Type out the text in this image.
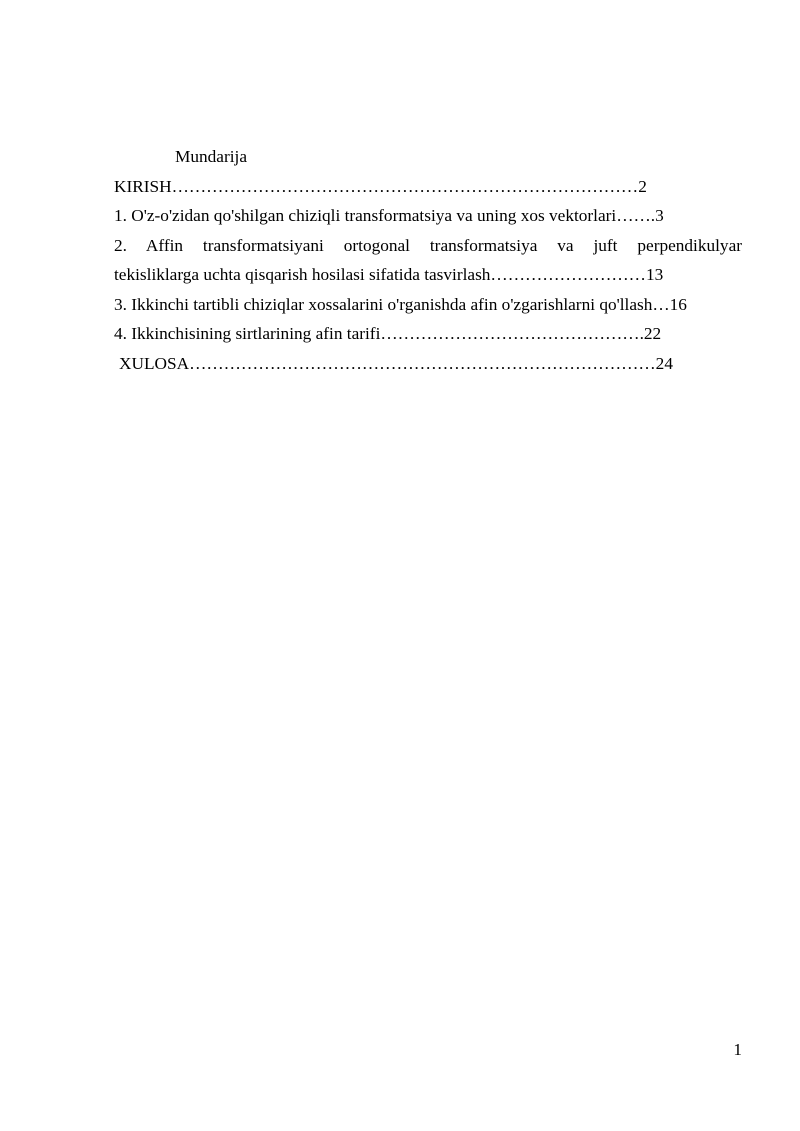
Mundarija
KIRISH………………………………………………………………………2
1. O'z-o'zidan qo'shilgan chiziqli transformatsiya va uning xos vektorlari…….3
2. Affin transformatsiyani ortogonal transformatsiya va juft perpendikulyar
tekisliklarga uchta qisqarish hosilasi sifatida tasvirlash………………………13
3. Ikkinchi tartibli chiziqlar xossalarini o'rganishda afin o'zgarishlarni qo'llash…16
4. Ikkinchisining sirtlarining afin tarifi……………………………………….22
XULOSA………………………………………………………………………24
1
